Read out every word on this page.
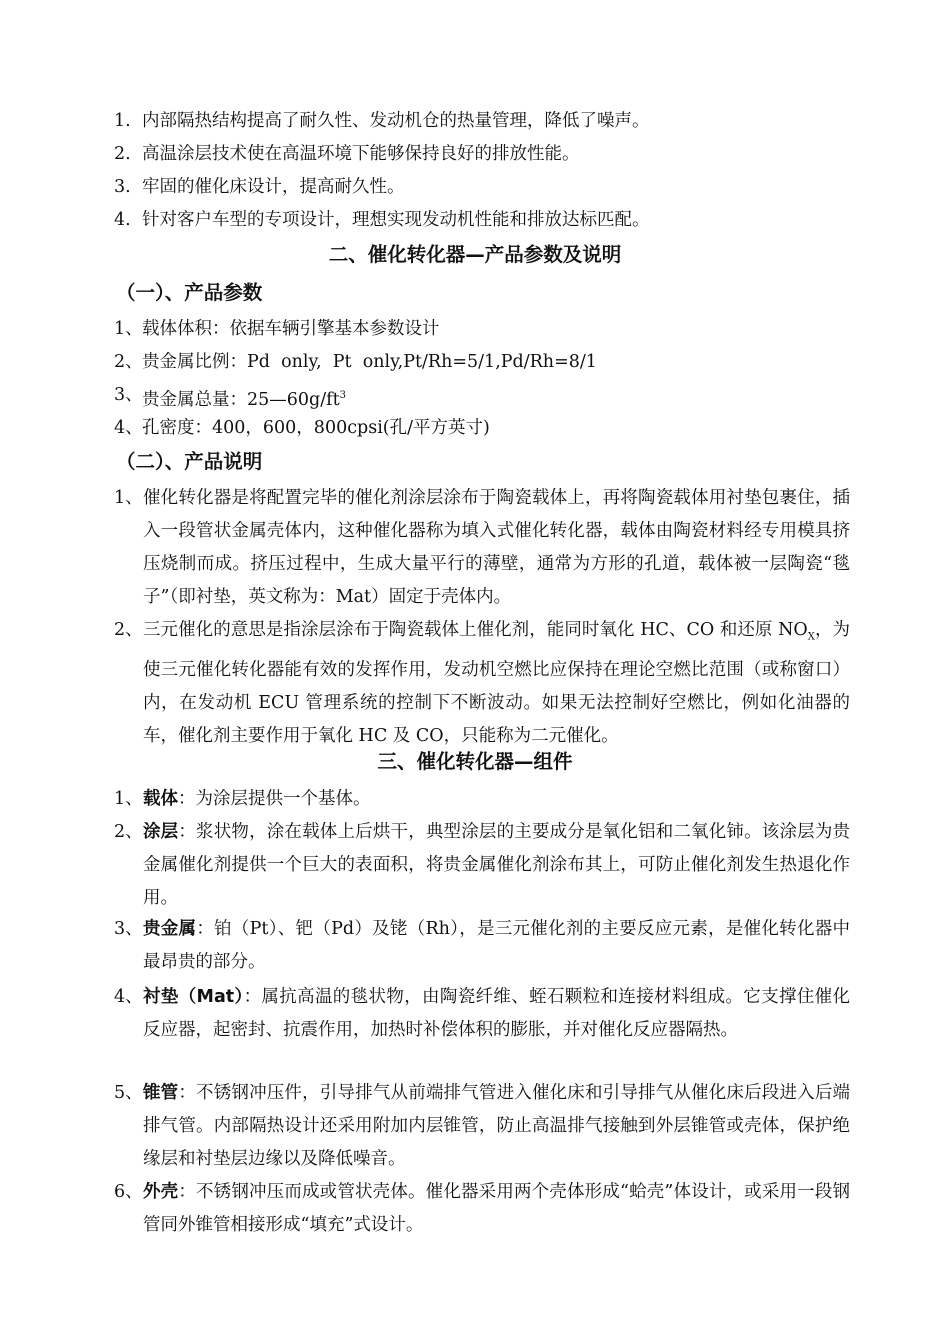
1. 内部隔热结构提高了耐久性、发动机仓的热量管理，降低了噪声。
2. 高温涂层技术使在高温环境下能够保持良好的排放性能。
3. 牢固的催化床设计，提高耐久性。
4. 针对客户车型的专项设计，理想实现发动机性能和排放达标匹配。
二、催化转化器—产品参数及说明
（一）、产品参数
1、 载体体积：依据车辆引擎基本参数设计
2、 贵金属比例：Pd  only,  Pt  only,Pt/Rh=5/1,Pd/Rh=8/1
3、 贵金属总量：$25—60g/ft^3$
4、 孔密度：400，600，800cpsi(孔/平方英寸)
（二）、产品说明
1、 催化转化器是将配置完毕的催化剂涂层涂布于陶瓷载体上，再将陶瓷载体用衬垫包裹住，插入一段管状金属壳体内，这种催化器称为填入式催化转化器，载体由陶瓷材料经专用模具挤压烧制而成。挤压过程中，生成大量平行的薄壁，通常为方形的孔道，载体被一层陶瓷“毯子”（即衬垫，英文称为：Mat）固定于壳体内。
2、 三元催化的意思是指涂层涂布于陶瓷载体上催化剂，能同时氧化 HC、CO 和还原 $NO_X$，为使三元催化转化器能有效的发挥作用，发动机空燃比应保持在理论空燃比范围（或称窗口）内，在发动机 ECU 管理系统的控制下不断波动。如果无法控制好空燃比，例如化油器的车，催化剂主要作用于氧化 HC 及 CO，只能称为二元催化。
三、催化转化器—组件
1、 载体：为涂层提供一个基体。
2、 涂层：浆状物，涂在载体上后烘干，典型涂层的主要成分是氧化铝和二氧化铈。该涂层为贵金属催化剂提供一个巨大的表面积，将贵金属催化剂涂布其上，可防止催化剂发生热退化作用。
3、 贵金属：铂（Pt）、钯（Pd）及铑（Rh），是三元催化剂的主要反应元素，是催化转化器中最昂贵的部分。
4、 衬垫（Mat）：属抗高温的毯状物，由陶瓷纤维、蛭石颗粒和连接材料组成。它支撑住催化反应器，起密封、抗震作用，加热时补偿体积的膨胀，并对催化反应器隔热。
5、 锥管：不锈钢冲压件，引导排气从前端排气管进入催化床和引导排气从催化床后段进入后端排气管。内部隔热设计还采用附加内层锥管，防止高温排气接触到外层锥管或壳体，保护绝缘层和衬垫层边缘以及降低噪音。
6、 外壳：不锈钢冲压而成或管状壳体。催化器采用两个壳体形成“蛤壳”体设计，或采用一段钢管同外锥管相接形成“填充”式设计。
